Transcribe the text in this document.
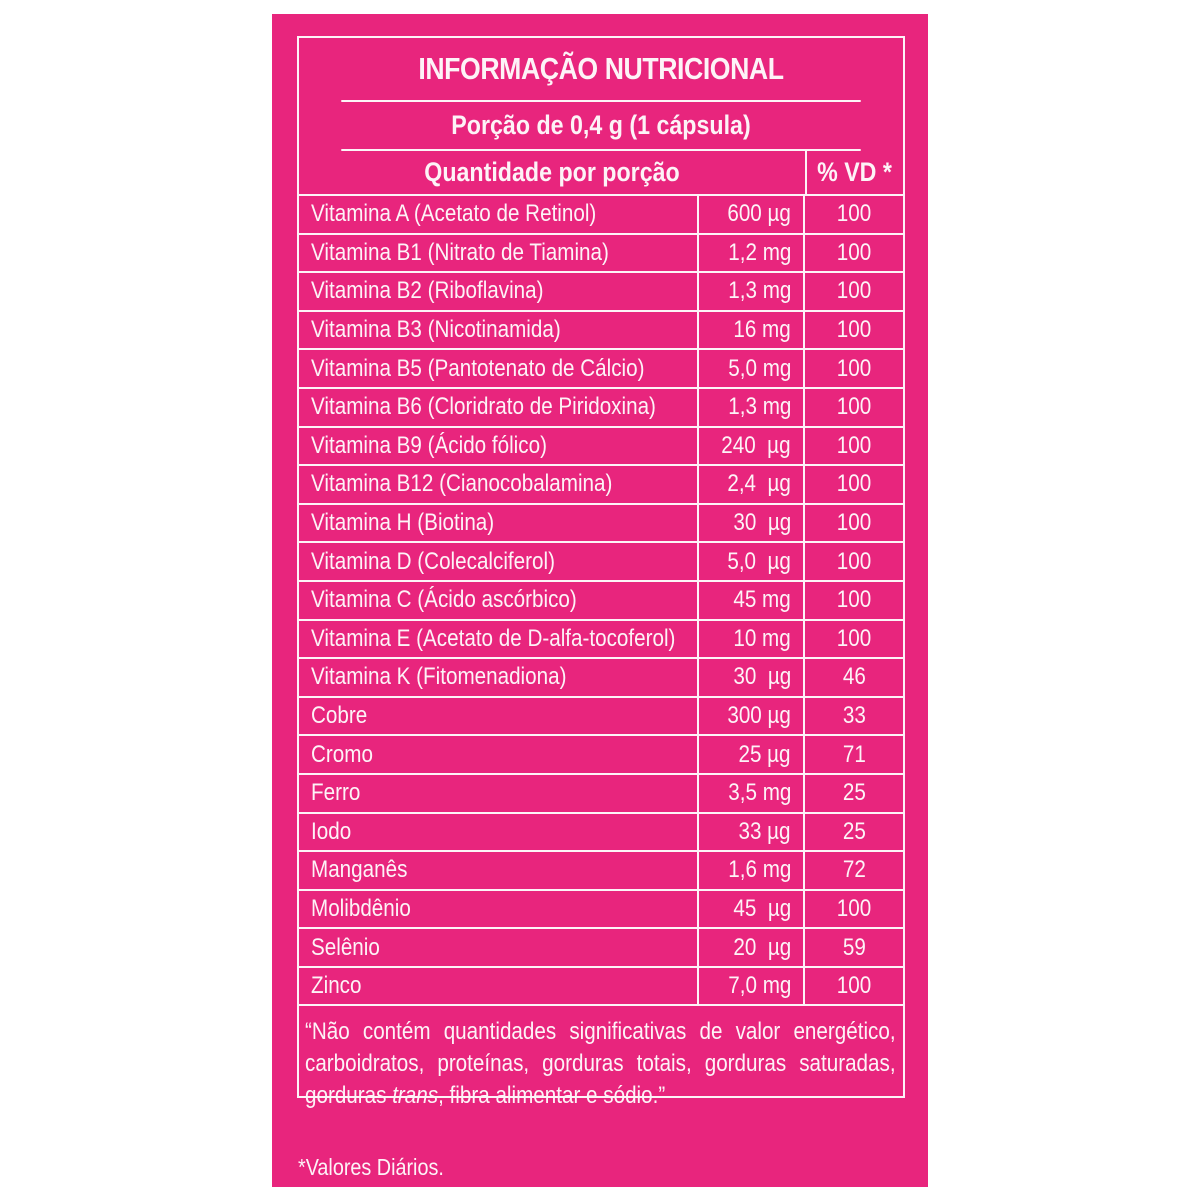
INFORMAÇÃO NUTRICIONAL
Porção de 0,4 g (1 cápsula)
Quantidade por porção	% VD *
Vitamina A (Acetato de Retinol)	600 µg 100
Vitamina B1 (Nitrato de Tiamina)	1,2 mg 100
Vitamina B2 (Riboflavina)	1,3 mg 100
Vitamina B3 (Nicotinamida)	16 mg 100
Vitamina B5 (Pantotenato de Cálcio)	5,0 mg 100
Vitamina B6 (Cloridrato de Piridoxina)	1,3 mg 100
Vitamina B9 (Ácido fólico)	240  µg 100
Vitamina B12 (Cianocobalamina)	2,4  µg 100
Vitamina H (Biotina)	30  µg 100
Vitamina D (Colecalciferol)	5,0  µg 100
Vitamina C (Ácido ascórbico)	45 mg 100
Vitamina E (Acetato de D-alfa-tocoferol) 10 mg 100
Vitamina K (Fitomenadiona)	30  µg 46
Cobre	300 µg 33
Cromo	25 µg 71
Ferro	3,5 mg 25
Iodo	33 µg 25
Manganês	1,6 mg 72
Molibdênio	45  µg 100
Selênio	20  µg 59
Zinco	7,0 mg 100
“Não contém quantidades significativas de valor energético, carboidratos, proteínas, gorduras totais, gorduras saturadas, gorduras trans, fibra alimentar e sódio.”
*Valores Diários.
